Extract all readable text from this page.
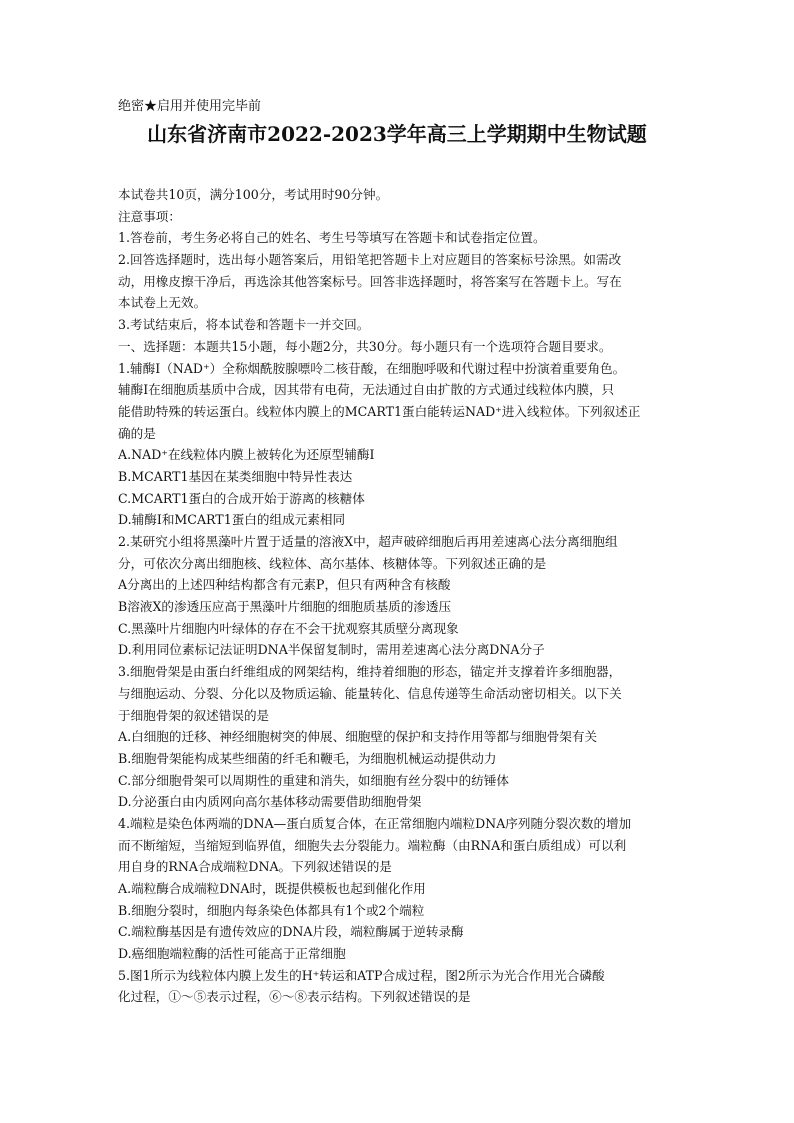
绝密★启用并使用完毕前
山东省济南市2022-2023学年高三上学期期中生物试题
本试卷共10页，满分100分，考试用时90分钟。
注意事项：
1.答卷前，考生务必将自己的姓名、考生号等填写在答题卡和试卷指定位置。
2.回答选择题时，选出每小题答案后，用铅笔把答题卡上对应题目的答案标号涂黑。如需改
动，用橡皮擦干净后，再选涂其他答案标号。回答非选择题时，将答案写在答题卡上。写在
本试卷上无效。
3.考试结束后，将本试卷和答题卡一并交回。
一、选择题：本题共15小题，每小题2分，共30分。每小题只有一个选项符合题目要求。
1.辅酶Ⅰ（NAD⁺）全称烟酰胺腺嘌呤二核苷酸，在细胞呼吸和代谢过程中扮演着重要角色。
辅酶Ⅰ在细胞质基质中合成，因其带有电荷，无法通过自由扩散的方式通过线粒体内膜，只
能借助特殊的转运蛋白。线粒体内膜上的MCART1蛋白能转运NAD⁺进入线粒体。下列叙述正
确的是
A.NAD⁺在线粒体内膜上被转化为还原型辅酶Ⅰ
B.MCART1基因在某类细胞中特异性表达
C.MCART1蛋白的合成开始于游离的核糖体
D.辅酶Ⅰ和MCART1蛋白的组成元素相同
2.某研究小组将黑藻叶片置于适量的溶液X中，超声破碎细胞后再用差速离心法分离细胞组
分，可依次分离出细胞核、线粒体、高尔基体、核糖体等。下列叙述正确的是
A分离出的上述四种结构都含有元素P，但只有两种含有核酸
B溶液X的渗透压应高于黑藻叶片细胞的细胞质基质的渗透压
C.黑藻叶片细胞内叶绿体的存在不会干扰观察其质壁分离现象
D.利用同位素标记法证明DNA半保留复制时，需用差速离心法分离DNA分子
3.细胞骨架是由蛋白纤维组成的网架结构，维持着细胞的形态，锚定并支撑着许多细胞器，
与细胞运动、分裂、分化以及物质运输、能量转化、信息传递等生命活动密切相关。以下关
于细胞骨架的叙述错误的是
A.白细胞的迁移、神经细胞树突的伸展、细胞壁的保护和支持作用等都与细胞骨架有关
B.细胞骨架能构成某些细菌的纤毛和鞭毛，为细胞机械运动提供动力
C.部分细胞骨架可以周期性的重建和消失，如细胞有丝分裂中的纺锤体
D.分泌蛋白由内质网向高尔基体移动需要借助细胞骨架
4.端粒是染色体两端的DNA—蛋白质复合体，在正常细胞内端粒DNA序列随分裂次数的增加
而不断缩短，当缩短到临界值，细胞失去分裂能力。端粒酶（由RNA和蛋白质组成）可以利
用自身的RNA合成端粒DNA。下列叙述错误的是
A.端粒酶合成端粒DNA时，既提供模板也起到催化作用
B.细胞分裂时，细胞内每条染色体都具有1个或2个端粒
C.端粒酶基因是有遗传效应的DNA片段，端粒酶属于逆转录酶
D.癌细胞端粒酶的活性可能高于正常细胞
5.图1所示为线粒体内膜上发生的H⁺转运和ATP合成过程，图2所示为光合作用光合磷酸
化过程，①～⑤表示过程，⑥～⑧表示结构。下列叙述错误的是
